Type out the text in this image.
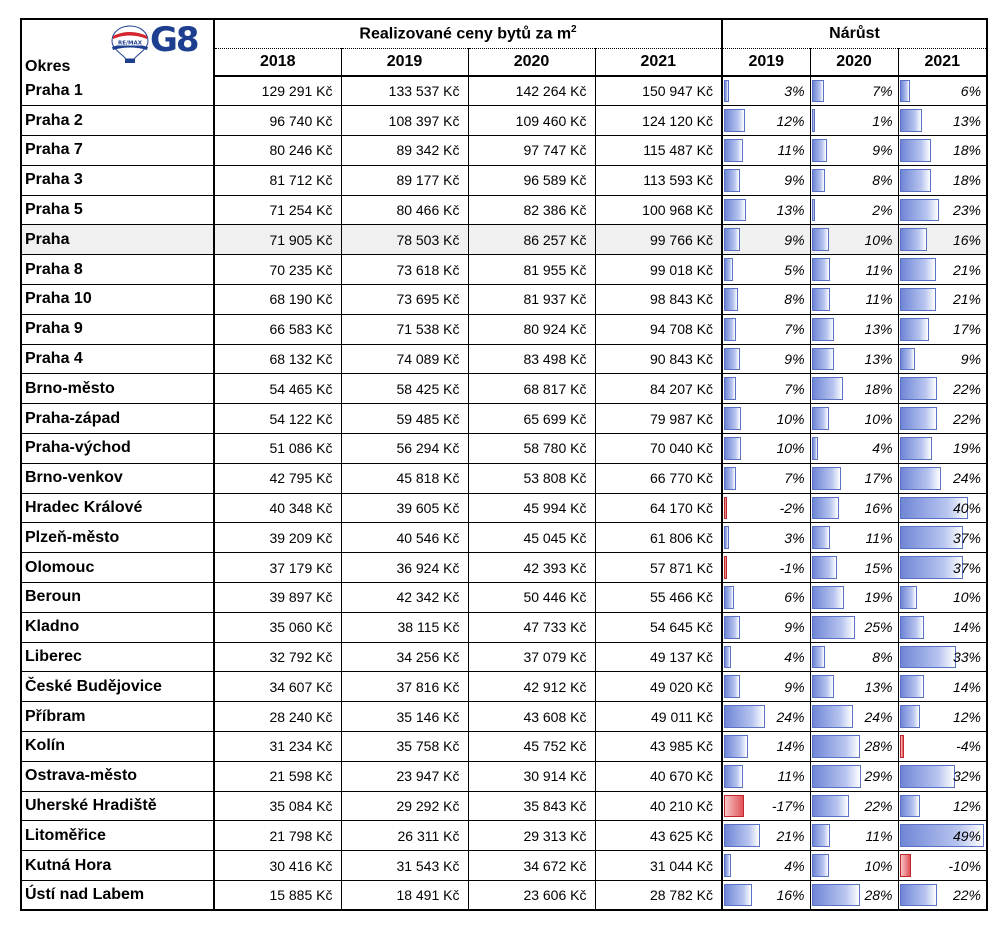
RE/MAX G8
Okres	Realizované ceny bytů za $m^2$				Nárůst		
	2018	2019	2020	2021	2019	2020	2021
Praha 1	129 291 Kč	133 537 Kč	142 264 Kč	150 947 Kč	3%	7%	6%
Praha 2	96 740 Kč	108 397 Kč	109 460 Kč	124 120 Kč	12%	1%	13%
Praha 7	80 246 Kč	89 342 Kč	97 747 Kč	115 487 Kč	11%	9%	18%
Praha 3	81 712 Kč	89 177 Kč	96 589 Kč	113 593 Kč	9%	8%	18%
Praha 5	71 254 Kč	80 466 Kč	82 386 Kč	100 968 Kč	13%	2%	23%
Praha	71 905 Kč	78 503 Kč	86 257 Kč	99 766 Kč	9%	10%	16%
Praha 8	70 235 Kč	73 618 Kč	81 955 Kč	99 018 Kč	5%	11%	21%
Praha 10	68 190 Kč	73 695 Kč	81 937 Kč	98 843 Kč	8%	11%	21%
Praha 9	66 583 Kč	71 538 Kč	80 924 Kč	94 708 Kč	7%	13%	17%
Praha 4	68 132 Kč	74 089 Kč	83 498 Kč	90 843 Kč	9%	13%	9%
Brno-město	54 465 Kč	58 425 Kč	68 817 Kč	84 207 Kč	7%	18%	22%
Praha-západ	54 122 Kč	59 485 Kč	65 699 Kč	79 987 Kč	10%	10%	22%
Praha-východ	51 086 Kč	56 294 Kč	58 780 Kč	70 040 Kč	10%	4%	19%
Brno-venkov	42 795 Kč	45 818 Kč	53 808 Kč	66 770 Kč	7%	17%	24%
Hradec Králové	40 348 Kč	39 605 Kč	45 994 Kč	64 170 Kč	-2%	16%	40%
Plzeň-město	39 209 Kč	40 546 Kč	45 045 Kč	61 806 Kč	3%	11%	37%
Olomouc	37 179 Kč	36 924 Kč	42 393 Kč	57 871 Kč	-1%	15%	37%
Beroun	39 897 Kč	42 342 Kč	50 446 Kč	55 466 Kč	6%	19%	10%
Kladno	35 060 Kč	38 115 Kč	47 733 Kč	54 645 Kč	9%	25%	14%
Liberec	32 792 Kč	34 256 Kč	37 079 Kč	49 137 Kč	4%	8%	33%
České Budějovice	34 607 Kč	37 816 Kč	42 912 Kč	49 020 Kč	9%	13%	14%
Příbram	28 240 Kč	35 146 Kč	43 608 Kč	49 011 Kč	24%	24%	12%
Kolín	31 234 Kč	35 758 Kč	45 752 Kč	43 985 Kč	14%	28%	-4%
Ostrava-město	21 598 Kč	23 947 Kč	30 914 Kč	40 670 Kč	11%	29%	32%
Uherské Hradiště	35 084 Kč	29 292 Kč	35 843 Kč	40 210 Kč	-17%	22%	12%
Litoměřice	21 798 Kč	26 311 Kč	29 313 Kč	43 625 Kč	21%	11%	49%
Kutná Hora	30 416 Kč	31 543 Kč	34 672 Kč	31 044 Kč	4%	10%	-10%
Ústí nad Labem	15 885 Kč	18 491 Kč	23 606 Kč	28 782 Kč	16%	28%	22%
